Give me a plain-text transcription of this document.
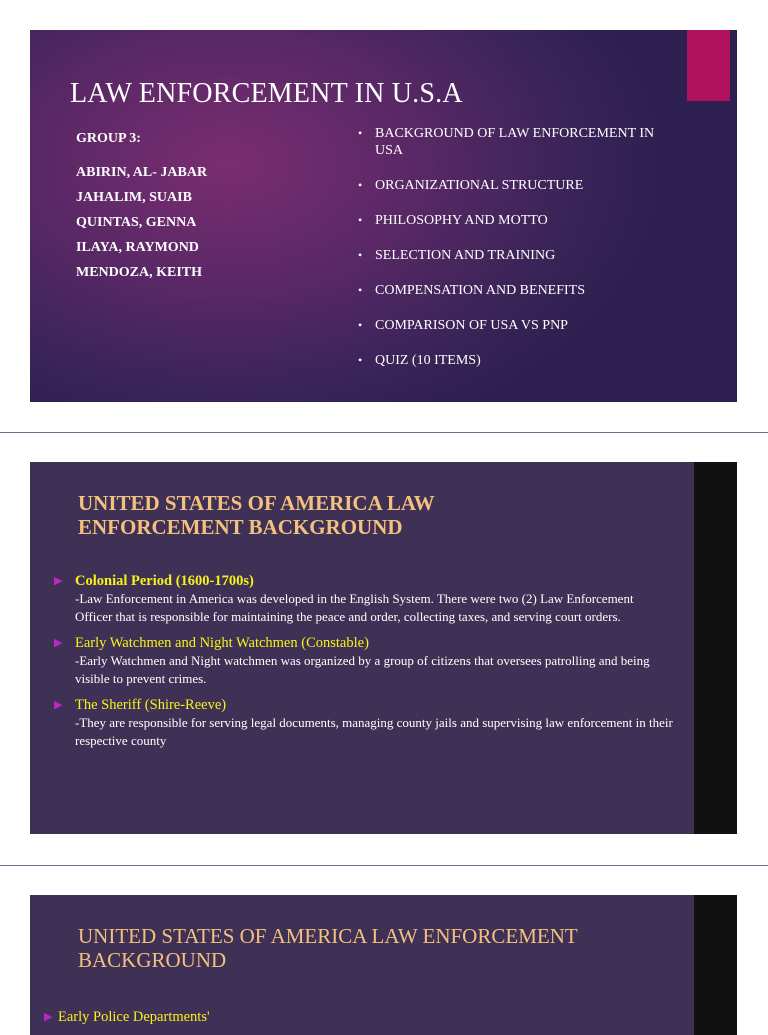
LAW ENFORCEMENT IN U.S.A
GROUP 3:
ABIRIN, AL- JABAR
JAHALIM, SUAIB
QUINTAS, GENNA
ILAYA, RAYMOND
MENDOZA, KEITH
• BACKGROUND OF LAW ENFORCEMENT IN USA
• ORGANIZATIONAL STRUCTURE
• PHILOSOPHY AND MOTTO
• SELECTION AND TRAINING
• COMPENSATION AND BENEFITS
• COMPARISON OF USA VS PNP
• QUIZ (10 ITEMS)
UNITED STATES OF AMERICA LAW ENFORCEMENT BACKGROUND
▶ Colonial Period (1600-1700s)
-Law Enforcement in America was developed in the English System. There were two (2) Law Enforcement Officer that is responsible for maintaining the peace and order, collecting taxes, and serving court orders.
▶ Early Watchmen and Night Watchmen (Constable)
-Early Watchmen and Night watchmen was organized by a group of citizens that oversees patrolling and being visible to prevent crimes.
▶ The Sheriff (Shire-Reeve)
-They are responsible for serving legal documents, managing county jails and supervising law enforcement in their respective county
UNITED STATES OF AMERICA LAW ENFORCEMENT BACKGROUND
▶ Early Police Departments'
